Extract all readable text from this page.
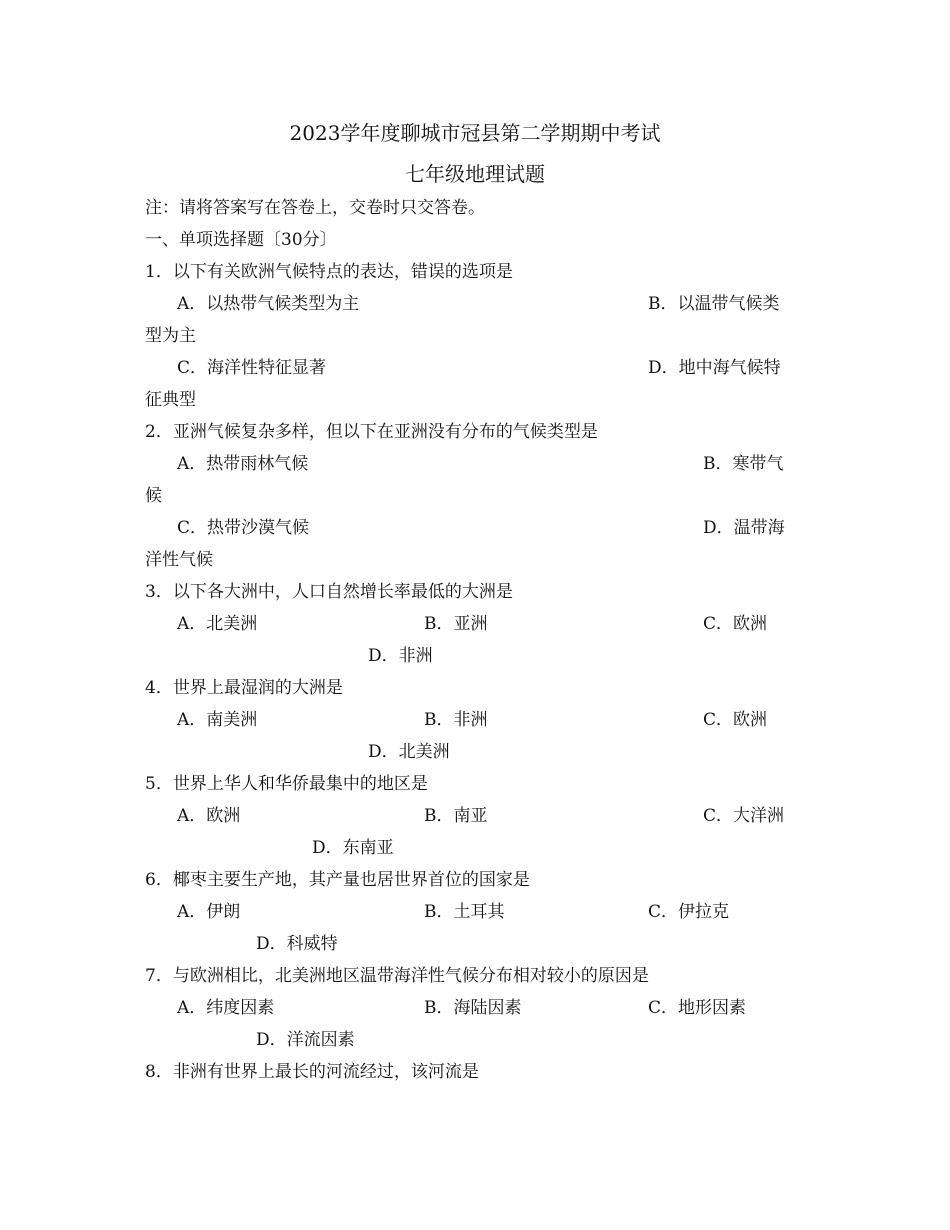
2023学年度聊城市冠县第二学期期中考试
七年级地理试题
注：请将答案写在答卷上，交卷时只交答卷。
一、单项选择题〔30分〕
1．以下有关欧洲气候特点的表达，错误的选项是
A．以热带气候类型为主	B．以温带气候类
型为主
C．海洋性特征显著	D．地中海气候特
征典型
2．亚洲气候复杂多样，但以下在亚洲没有分布的气候类型是
A．热带雨林气候	B．寒带气
候
C．热带沙漠气候	D．温带海
洋性气候
3．以下各大洲中，人口自然增长率最低的大洲是
A．北美洲	B．亚洲	C．欧洲
D．非洲
4．世界上最湿润的大洲是
A．南美洲	B．非洲	C．欧洲
D．北美洲
5．世界上华人和华侨最集中的地区是
A．欧洲	B．南亚	C．大洋洲
D．东南亚
6．椰枣主要生产地，其产量也居世界首位的国家是
A．伊朗	B．土耳其	C．伊拉克
D．科威特
7．与欧洲相比，北美洲地区温带海洋性气候分布相对较小的原因是
A．纬度因素	B．海陆因素	C．地形因素
D．洋流因素
8．非洲有世界上最长的河流经过，该河流是
